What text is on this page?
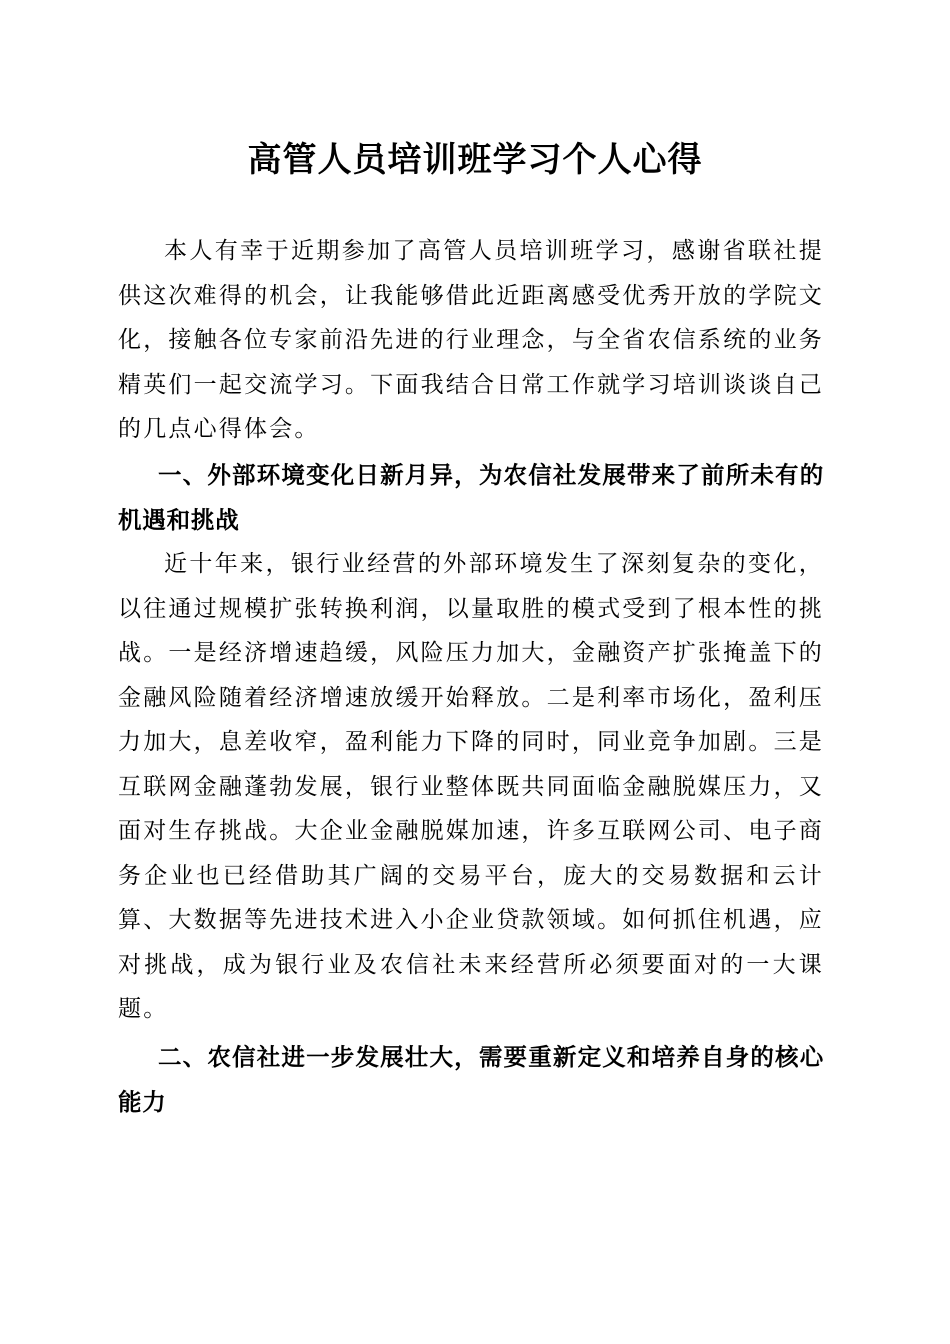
高管人员培训班学习个人心得

本人有幸于近期参加了高管人员培训班学习，感谢省联社提供这次难得的机会，让我能够借此近距离感受优秀开放的学院文化，接触各位专家前沿先进的行业理念，与全省农信系统的业务精英们一起交流学习。下面我结合日常工作就学习培训谈谈自己的几点心得体会。

一、外部环境变化日新月异，为农信社发展带来了前所未有的机遇和挑战

近十年来，银行业经营的外部环境发生了深刻复杂的变化，以往通过规模扩张转换利润，以量取胜的模式受到了根本性的挑战。一是经济增速趋缓，风险压力加大，金融资产扩张掩盖下的金融风险随着经济增速放缓开始释放。二是利率市场化，盈利压力加大，息差收窄，盈利能力下降的同时，同业竞争加剧。三是互联网金融蓬勃发展，银行业整体既共同面临金融脱媒压力，又面对生存挑战。大企业金融脱媒加速，许多互联网公司、电子商务企业也已经借助其广阔的交易平台，庞大的交易数据和云计算、大数据等先进技术进入小企业贷款领域。如何抓住机遇，应对挑战，成为银行业及农信社未来经营所必须要面对的一大课题。

二、农信社进一步发展壮大，需要重新定义和培养自身的核心能力
